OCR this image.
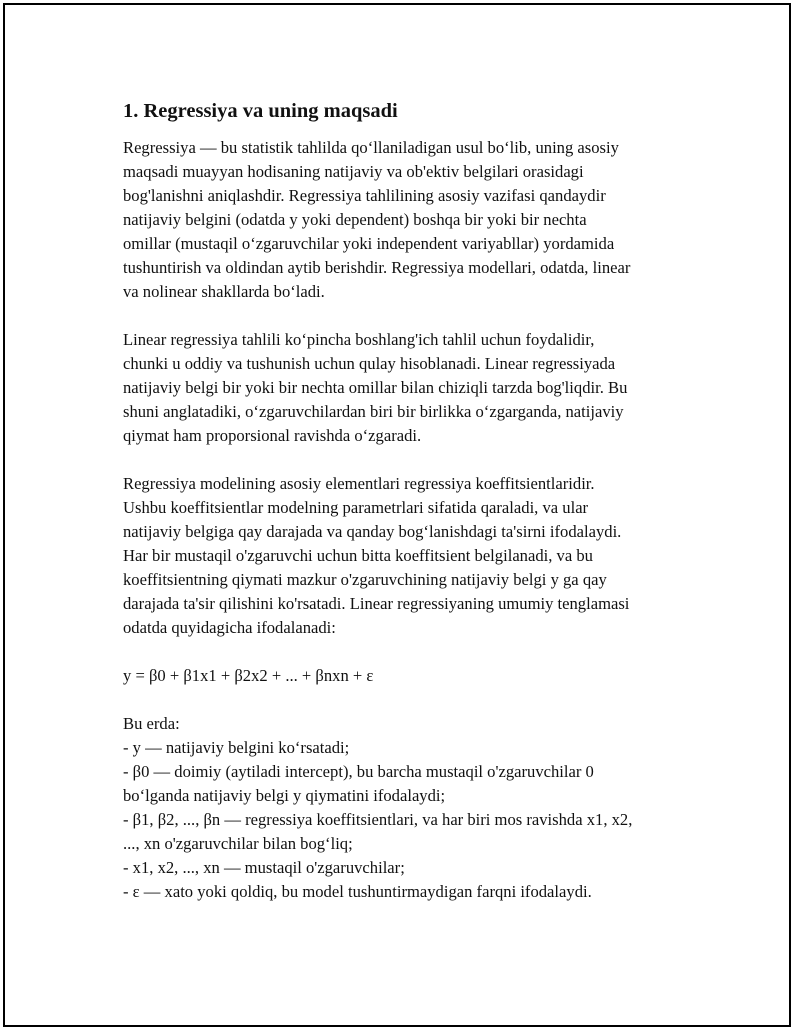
1. Regressiya va uning maqsadi
Regressiya — bu statistik tahlilda qo‘llaniladigan usul bo‘lib, uning asosiy
maqsadi muayyan hodisaning natijaviy va ob'ektiv belgilari orasidagi
bog'lanishni aniqlashdir. Regressiya tahlilining asosiy vazifasi qandaydir
natijaviy belgini (odatda y yoki dependent) boshqa bir yoki bir nechta
omillar (mustaqil o‘zgaruvchilar yoki independent variyabllar) yordamida
tushuntirish va oldindan aytib berishdir. Regressiya modellari, odatda, linear
va nolinear shakllarda bo‘ladi.
Linear regressiya tahlili ko‘pincha boshlang'ich tahlil uchun foydalidir,
chunki u oddiy va tushunish uchun qulay hisoblanadi. Linear regressiyada
natijaviy belgi bir yoki bir nechta omillar bilan chiziqli tarzda bog'liqdir. Bu
shuni anglatadiki, o‘zgaruvchilardan biri bir birlikka o‘zgarganda, natijaviy
qiymat ham proporsional ravishda o‘zgaradi.
Regressiya modelining asosiy elementlari regressiya koeffitsientlaridir.
Ushbu koeffitsientlar modelning parametrlari sifatida qaraladi, va ular
natijaviy belgiga qay darajada va qanday bog‘lanishdagi ta'sirni ifodalaydi.
Har bir mustaqil o'zgaruvchi uchun bitta koeffitsient belgilanadi, va bu
koeffitsientning qiymati mazkur o'zgaruvchining natijaviy belgi y ga qay
darajada ta'sir qilishini ko'rsatadi. Linear regressiyaning umumiy tenglamasi
odatda quyidagicha ifodalanadi:
y = β0 + β1x1 + β2x2 + ... + βnxn + ε
Bu erda:
- y — natijaviy belgini ko‘rsatadi;
- β0 — doimiy (aytiladi intercept), bu barcha mustaqil o'zgaruvchilar 0
bo‘lganda natijaviy belgi y qiymatini ifodalaydi;
- β1, β2, ..., βn — regressiya koeffitsientlari, va har biri mos ravishda x1, x2,
..., xn o'zgaruvchilar bilan bog‘liq;
- x1, x2, ..., xn — mustaqil o'zgaruvchilar;
- ε — xato yoki qoldiq, bu model tushuntirmaydigan farqni ifodalaydi.
